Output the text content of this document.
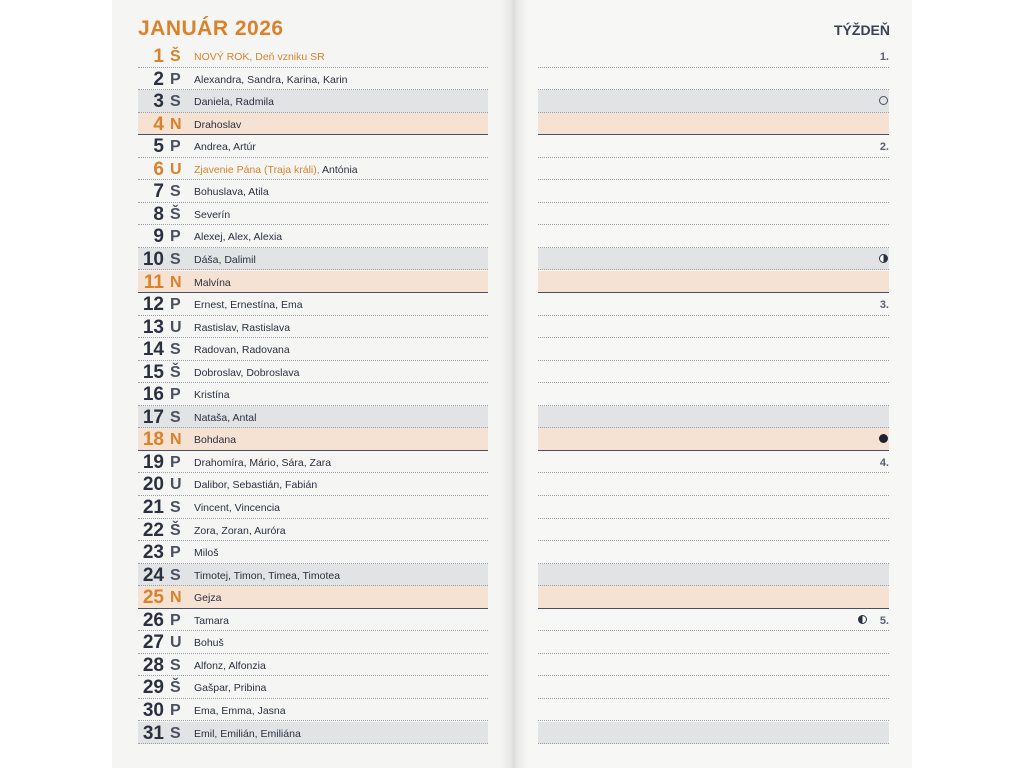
JANUÁR 2026	TÝŽDEŇ
1 Š NOVÝ ROK, Deň vzniku SR
2 P Alexandra, Sandra, Karina, Karin
3 S Daniela, Radmila
4 N Drahoslav
5 P Andrea, Artúr
6 U Zjavenie Pána (Traja králi), Antónia
7 S Bohuslava, Atila
8 Š Severín
9 P Alexej, Alex, Alexia
10 S Dáša, Dalimil
11 N Malvína
12 P Ernest, Ernestína, Ema
13 U Rastislav, Rastislava
14 S Radovan, Radovana
15 Š Dobroslav, Dobroslava
16 P Kristína
17 S Nataša, Antal
18 N Bohdana
19 P Drahomíra, Mário, Sára, Zara
20 U Dalibor, Sebastián, Fabián
21 S Vincent, Vincencia
22 Š Zora, Zoran, Auróra
23 P Miloš
24 S Timotej, Timon, Timea, Timotea
25 N Gejza
26 P Tamara
27 U Bohuš
28 S Alfonz, Alfonzia
29 Š Gašpar, Pribina
30 P Ema, Emma, Jasna
31 S Emil, Emilián, Emiliána
1.
2.
3.
4.
5.
